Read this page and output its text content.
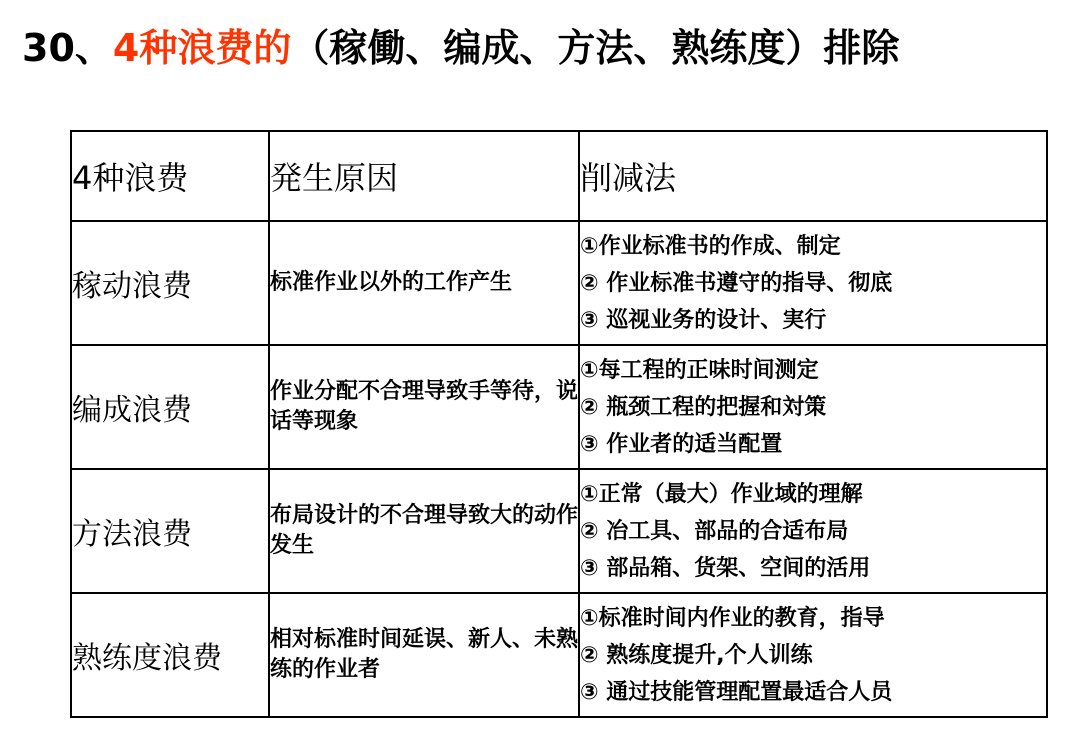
30、4种浪费的（稼働、编成、方法、熟练度）排除
4种浪费	発生原因	削减法
稼动浪费	标准作业以外的工作产生	①作业标准书的作成、制定
② 作业标准书遵守的指导、彻底
③ 巡视业务的设计、実行

编成浪费	作业分配不合理导致手等待，说话等现象	①每工程的正味时间测定
② 瓶颈工程的把握和対策
③ 作业者的适当配置

方法浪费	布局设计的不合理导致大的动作发生	①正常（最大）作业域的理解
② 冶工具、部品的合适布局
③ 部品箱、货架、空间的活用

熟练度浪费	相对标准时间延误、新人、未熟练的作业者	①标准时间内作业的教育，指导
② 熟练度提升,个人训练
③ 通过技能管理配置最适合人员
